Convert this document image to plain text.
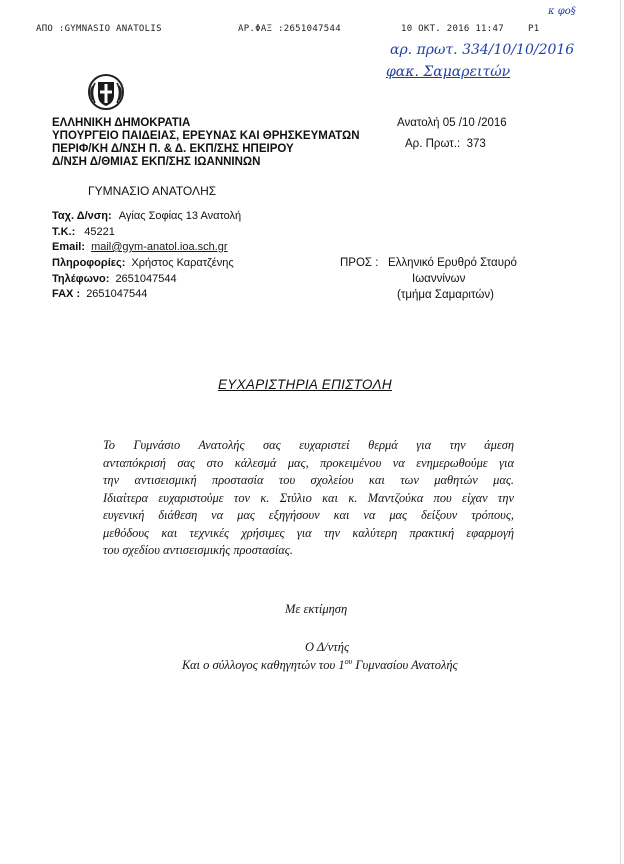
ΑΠΟ :GYMNASIO ANATOLIS	ΑΡ.ΦΑΞ :2651047544	10 ΟΚΤ. 2016 11:47	P1
κ φο§
αρ. πρωτ. 334/10/10/2016
φακ. Σαμαρειτών
ΕΛΛΗΝΙΚΗ ΔΗΜΟΚΡΑΤΙΑ
ΥΠΟΥΡΓΕΙΟ ΠΑΙΔΕΙΑΣ, ΕΡΕΥΝΑΣ ΚΑΙ ΘΡΗΣΚΕΥΜΑΤΩΝ
ΠΕΡΙΦ/ΚΗ Δ/ΝΣΗ Π. & Δ. ΕΚΠ/ΣΗΣ ΗΠΕΙΡΟΥ
Δ/ΝΣΗ Δ/ΘΜΙΑΣ ΕΚΠ/ΣΗΣ ΙΩΑΝΝΙΝΩΝ
ΓΥΜΝΑΣΙΟ ΑΝΑΤΟΛΗΣ
Ανατολή 05 /10 /2016
Αρ. Πρωτ.:  373
Ταχ. Δ/νση: Αγίας Σοφίας 13 Ανατολή
Τ.Κ.: 45221
Email: mail@gym-anatol.ioa.sch.gr
Πληροφορίες: Χρήστος Καρατζένης
Τηλέφωνο: 2651047544
FAX : 2651047544
ΠΡΟΣ : Ελληνικό Ερυθρό Σταυρό
Ιωαννίνων
(τμήμα Σαμαριτών)
ΕΥΧΑΡΙΣΤΗΡΙΑ ΕΠΙΣΤΟΛΗ
Το Γυμνάσιο Ανατολής σας ευχαριστεί θερμά για την άμεση
ανταπόκρισή σας στο κάλεσμά μας, προκειμένου να ενημερωθούμε για
την αντισεισμική προστασία του σχολείου και των μαθητών μας.
Ιδιαίτερα ευχαριστούμε τον κ. Στύλιο και κ. Μαντζούκα που είχαν την
ευγενική διάθεση να μας εξηγήσουν και να μας δείξουν τρόπους,
μεθόδους και τεχνικές χρήσιμες για την καλύτερη πρακτική εφαρμογή
του σχεδίου αντισεισμικής προστασίας.
Με εκτίμηση
Ο Δ/ντής
Και ο σύλλογος καθηγητών του $1^{o\upsilon}$ Γυμνασίου Ανατολής
